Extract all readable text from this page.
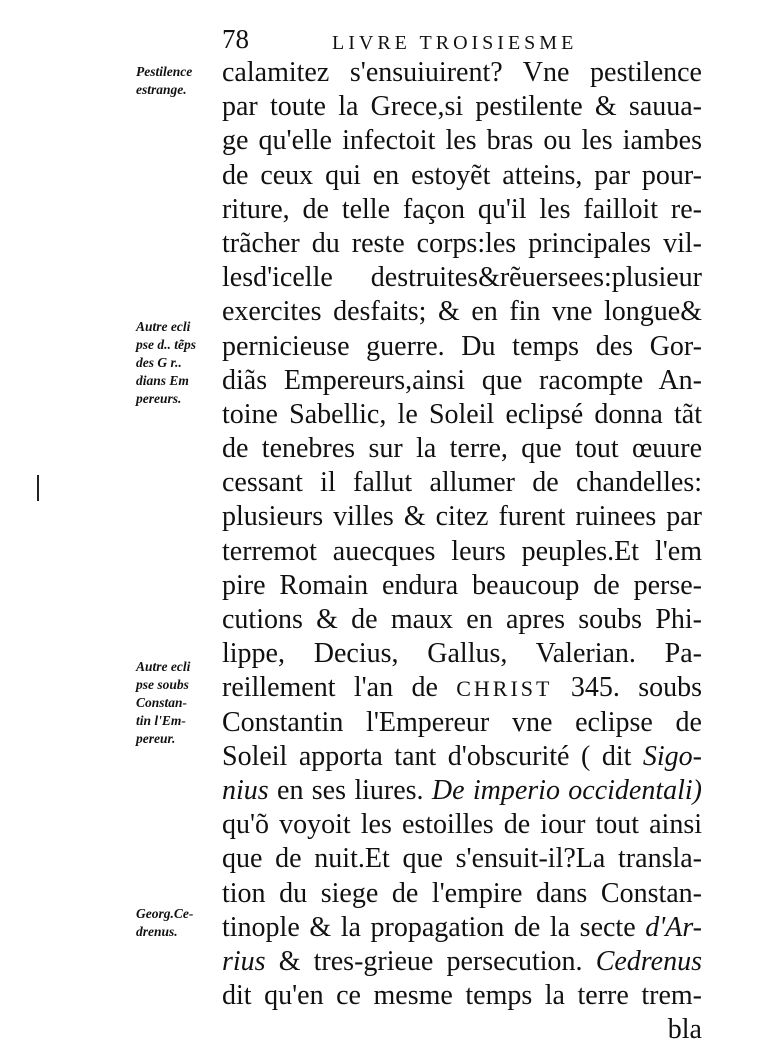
78	LIVRE TROISIESME
Pestilence
estrange.
Autre ecli
pse d.. tẽps
des G r..
dians Em
pereurs.
Autre ecli
pse soubs
Constan-
tin l'Em-
pereur.
Georg.Ce-
drenus.
calamitez s'ensuiuirent? Vne pestilence
par toute la Grece,si pestilente & sauua-
ge qu'elle infectoit les bras ou les iambes
de ceux qui en estoyẽt atteins, par pour-
riture, de telle façon qu'il les failloit re-
trãcher du reste corps:les principales vil-
lesd'icelle destruites&rẽuersees:plusieur
exercites desfaits; & en fin vne longue&
pernicieuse guerre. Du temps des Gor-
diãs Empereurs,ainsi que racompte An-
toine Sabellic, le Soleil eclipsé donna tãt
de tenebres sur la terre, que tout œuure
cessant il fallut allumer de chandelles:
plusieurs villes & citez furent ruinees par
terremot auecques leurs peuples.Et l'em
pire Romain endura beaucoup de perse-
cutions & de maux en apres soubs Phi-
lippe, Decius, Gallus, Valerian. Pa-
reillement l'an de CHRIST 345. soubs
Constantin l'Empereur vne eclipse de
Soleil apporta tant d'obscurité ( dit Sigo-
nius en ses liures. De imperio occidentali)
qu'õ voyoit les estoilles de iour tout ainsi
que de nuit.Et que s'ensuit-il?La transla-
tion du siege de l'empire dans Constan-
tinople & la propagation de la secte d'Ar-
rius & tres-grieue persecution. Cedrenus
dit qu'en ce mesme temps la terre trem-
bla
